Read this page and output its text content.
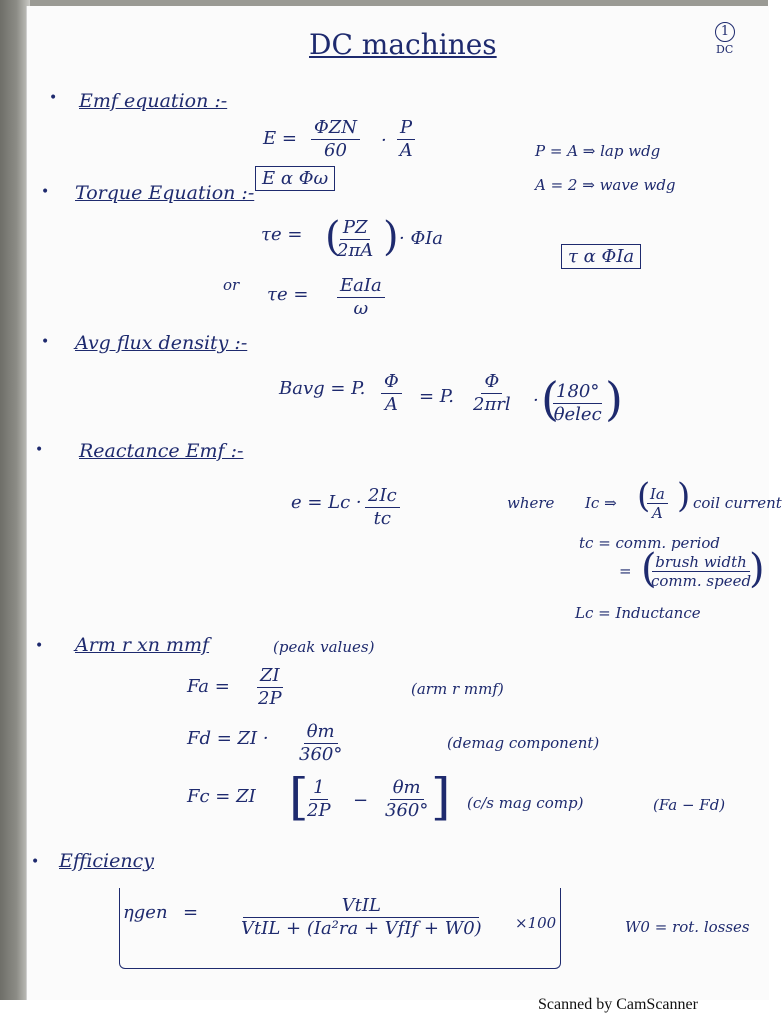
DC machines	1
DC
• Emf equation :-
E =
ΦZN
$60 \cdot \frac{P}{A}$
E α Φω
P = A ⇒ lap wdg
A = 2 ⇒ wave wdg
• Torque Equation :-
τe = (
$\frac{PZ}{2\pi A}$ ) · ΦIa
τ α ΦIa
or τe = EaIa
ω
• Avg flux density :-
Bavg = P. $\frac{\Phi}{A} = P$.
Φ
2πrl · (
180°
θelec )
• Reactance Emf :-
$e = Lc \cdot \frac{2Ic}{tc}$	where Ic ⇒ (
$\frac{Ia}{A}$ ) coil current
tc = comm. period
= (
brush width
comm. speed
)
Lc = Inductance
• Arm r xn mmf	(peak values)
$Fa = \frac{ZI}{2P}$	(arm r mmf)
Fd = ZI · $\frac{\theta m}{360^\circ}$	(demag component)
Fc = ZI [
$\frac{1}{2P} - \frac{\theta m}{360^\circ}$ ] (c/s mag comp)	(Fa − Fd)
• Efficiency
ηgen =	VtIL
VtIL + (Ia²ra + VfIf + W0) ×100	W0 = rot. losses
Scanned by CamScanner
